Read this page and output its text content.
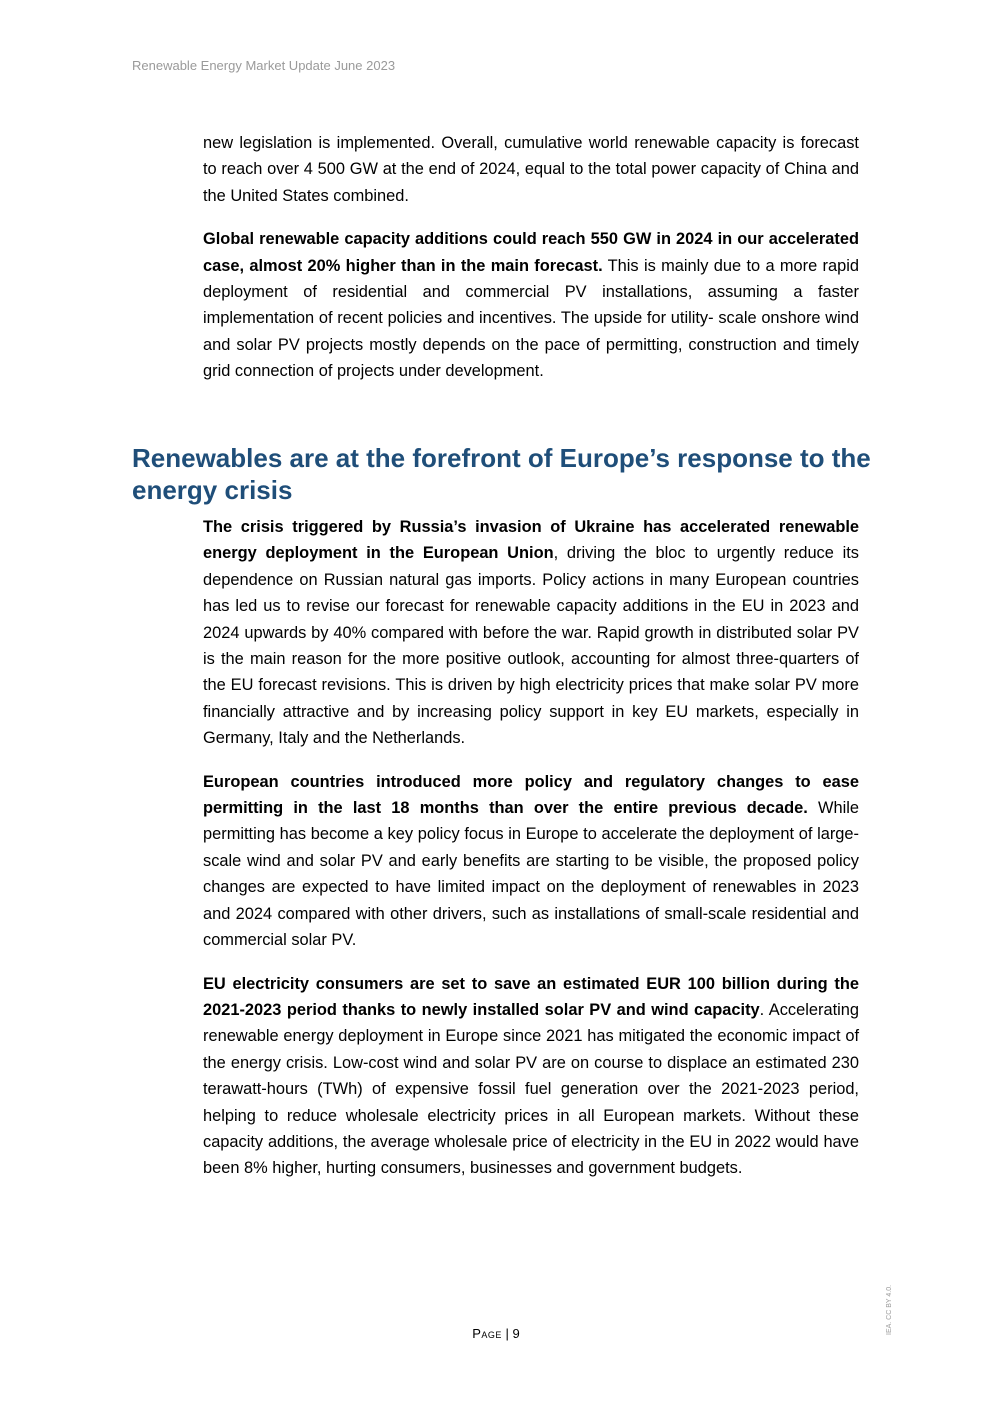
Renewable Energy Market Update June 2023

new legislation is implemented. Overall, cumulative world renewable capacity is forecast to reach over 4 500 GW at the end of 2024, equal to the total power capacity of China and the United States combined.

Global renewable capacity additions could reach 550 GW in 2024 in our accelerated case, almost 20% higher than in the main forecast. This is mainly due to a more rapid deployment of residential and commercial PV installations, assuming a faster implementation of recent policies and incentives. The upside for utility- scale onshore wind and solar PV projects mostly depends on the pace of permitting, construction and timely grid connection of projects under development.

Renewables are at the forefront of Europe’s response to the energy crisis

The crisis triggered by Russia’s invasion of Ukraine has accelerated renewable energy deployment in the European Union, driving the bloc to urgently reduce its dependence on Russian natural gas imports. Policy actions in many European countries has led us to revise our forecast for renewable capacity additions in the EU in 2023 and 2024 upwards by 40% compared with before the war. Rapid growth in distributed solar PV is the main reason for the more positive outlook, accounting for almost three-quarters of the EU forecast revisions. This is driven by high electricity prices that make solar PV more financially attractive and by increasing policy support in key EU markets, especially in Germany, Italy and the Netherlands.

European countries introduced more policy and regulatory changes to ease permitting in the last 18 months than over the entire previous decade. While permitting has become a key policy focus in Europe to accelerate the deployment of large-scale wind and solar PV and early benefits are starting to be visible, the proposed policy changes are expected to have limited impact on the deployment of renewables in 2023 and 2024 compared with other drivers, such as installations of small-scale residential and commercial solar PV.

EU electricity consumers are set to save an estimated EUR 100 billion during the 2021-2023 period thanks to newly installed solar PV and wind capacity. Accelerating renewable energy deployment in Europe since 2021 has mitigated the economic impact of the energy crisis. Low-cost wind and solar PV are on course to displace an estimated 230 terawatt-hours (TWh) of expensive fossil fuel generation over the 2021-2023 period, helping to reduce wholesale electricity prices in all European markets. Without these capacity additions, the average wholesale price of electricity in the EU in 2022 would have been 8% higher, hurting consumers, businesses and government budgets.

Page | 9	IEA. CC BY 4.0.
